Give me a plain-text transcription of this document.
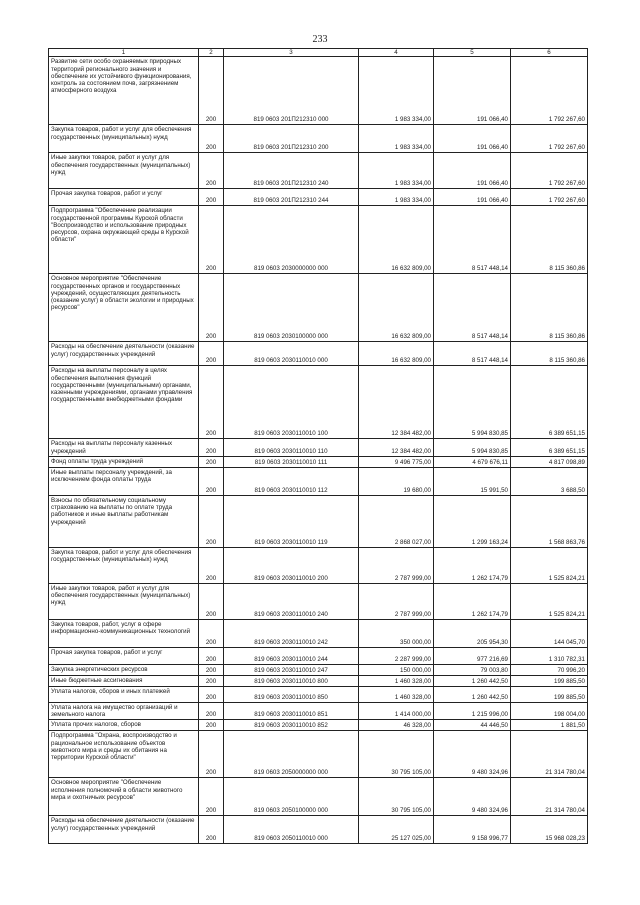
233
1	2	3	4	5	6
Развитие сети особо охраняемых природных территорий регионального значения и обеспечение их устойчивого функционирования, контроль за состоянием почв, загрязнением атмосферного воздуха	200	819 0603 201П212310 000	1 983 334,00	191 066,40	1 792 267,60
Закупка товаров, работ и услуг для обеспечения государственных (муниципальных) нужд	200	819 0603 201П212310 200	1 983 334,00	191 066,40	1 792 267,60
Иные закупки товаров, работ и услуг для обеспечения государственных (муниципальных) нужд	200	819 0603 201П212310 240	1 983 334,00	191 066,40	1 792 267,60
Прочая закупка товаров, работ и услуг	200	819 0603 201П212310 244	1 983 334,00	191 066,40	1 792 267,60
Подпрограмма "Обеспечение реализации государственной программы Курской области "Воспроизводство и использование природных ресурсов, охрана окружающей среды в Курской области"	200	819 0603 2030000000 000	16 632 809,00	8 517 448,14	8 115 360,86
Основное мероприятие "Обеспечение государственных органов и государственных учреждений, осуществляющих деятельность (оказание услуг) в области экологии и природных ресурсов"	200	819 0603 2030100000 000	16 632 809,00	8 517 448,14	8 115 360,86
Расходы на обеспечение деятельности (оказание услуг) государственных учреждений	200	819 0603 2030110010 000	16 632 809,00	8 517 448,14	8 115 360,86
Расходы на выплаты персоналу в целях обеспечения выполнения функций государственными (муниципальными) органами, казенными учреждениями, органами управления государственными внебюджетными фондами	200	819 0603 2030110010 100	12 384 482,00	5 994 830,85	6 389 651,15
Расходы на выплаты персоналу казенных учреждений	200	819 0603 2030110010 110	12 384 482,00	5 994 830,85	6 389 651,15
Фонд оплаты труда учреждений	200	819 0603 2030110010 111	9 496 775,00	4 679 676,11	4 817 098,89
Иные выплаты персоналу учреждений, за исключением фонда оплаты труда	200	819 0603 2030110010 112	19 680,00	15 991,50	3 688,50
Взносы по обязательному социальному страхованию на выплаты по оплате труда работников и иные выплаты работникам учреждений	200	819 0603 2030110010 119	2 868 027,00	1 299 163,24	1 568 863,76
Закупка товаров, работ и услуг для обеспечения государственных (муниципальных) нужд	200	819 0603 2030110010 200	2 787 999,00	1 262 174,79	1 525 824,21
Иные закупки товаров, работ и услуг для обеспечения государственных (муниципальных) нужд	200	819 0603 2030110010 240	2 787 999,00	1 262 174,79	1 525 824,21
Закупка товаров, работ, услуг в сфере информационно-коммуникационных технологий	200	819 0603 2030110010 242	350 000,00	205 954,30	144 045,70
Прочая закупка товаров, работ и услуг	200	819 0603 2030110010 244	2 287 999,00	977 216,69	1 310 782,31
Закупка энергетических ресурсов	200	819 0603 2030110010 247	150 000,00	79 003,80	70 996,20
Иные бюджетные ассигнования	200	819 0603 2030110010 800	1 460 328,00	1 260 442,50	199 885,50
Уплата налогов, сборов и иных платежей	200	819 0603 2030110010 850	1 460 328,00	1 260 442,50	199 885,50
Уплата налога на имущество организаций и земельного налога	200	819 0603 2030110010 851	1 414 000,00	1 215 996,00	198 004,00
Уплата прочих налогов, сборов	200	819 0603 2030110010 852	46 328,00	44 446,50	1 881,50
Подпрограмма "Охрана, воспроизводство и рациональное использование объектов животного мира и среды их обитания на территории Курской области"	200	819 0603 2050000000 000	30 795 105,00	9 480 324,96	21 314 780,04
Основное мероприятие "Обеспечение исполнения полномочий в области животного мира и охотничьих ресурсов"	200	819 0603 2050100000 000	30 795 105,00	9 480 324,96	21 314 780,04
Расходы на обеспечение деятельности (оказание услуг) государственных учреждений	200	819 0603 2050110010 000	25 127 025,00	9 158 996,77	15 968 028,23
